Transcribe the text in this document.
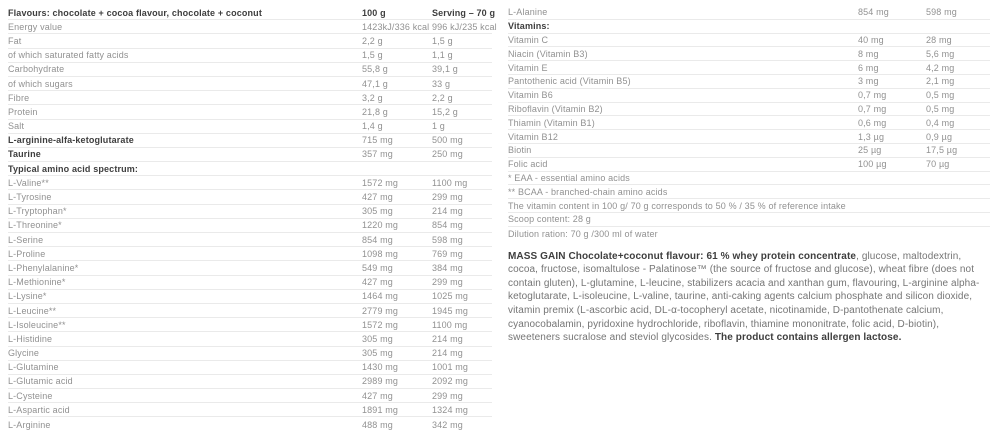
Flavours: chocolate + cocoa flavour, chocolate + coconut	100 g	Serving – 70 g
Energy value	1423kJ/336 kcal 996 kJ/235 kcal
Fat	2,2 g	1,5 g
of which saturated fatty acids	1,5 g	1,1 g
Carbohydrate	55,8 g	39,1 g
of which sugars	47,1 g	33 g
Fibre	3,2 g	2,2 g
Protein	21,8 g	15,2 g
Salt	1,4 g	1 g
L-arginine-alfa-ketoglutarate	715 mg	500 mg
Taurine	357 mg	250 mg
Typical amino acid spectrum:
L-Valine**	1572 mg	1100 mg
L-Tyrosine	427 mg	299 mg
L-Tryptophan*	305 mg	214 mg
L-Threonine*	1220 mg	854 mg
L-Serine	854 mg	598 mg
L-Proline	1098 mg	769 mg
L-Phenylalanine*	549 mg	384 mg
L-Methionine*	427 mg	299 mg
L-Lysine*	1464 mg	1025 mg
L-Leucine**	2779 mg	1945 mg
L-Isoleucine**	1572 mg	1100 mg
L-Histidine	305 mg	214 mg
Glycine	305 mg	214 mg
L-Glutamine	1430 mg	1001 mg
L-Glutamic acid	2989 mg	2092 mg
L-Cysteine	427 mg	299 mg
L-Aspartic acid	1891 mg	1324 mg
L-Arginine	488 mg	342 mg
L-Alanine	854 mg	598 mg
Vitamins:
Vitamin C	40 mg	28 mg
Niacin (Vitamin B3)	8 mg	5,6 mg
Vitamin E	6 mg	4,2 mg
Pantothenic acid (Vitamin B5)	3 mg	2,1 mg
Vitamin B6	0,7 mg	0,5 mg
Riboflavin (Vitamin B2)	0,7 mg	0,5 mg
Thiamin (Vitamin B1)	0,6 mg	0,4 mg
Vitamin B12	1,3 µg	0,9 µg
Biotin	25 µg	17,5 µg
Folic acid	100 µg	70 µg
* EAA - essential amino acids
** BCAA - branched-chain amino acids
The vitamin content in 100 g/ 70 g corresponds to 50 % / 35 % of reference intake
Scoop content: 28 g
Dilution ration: 70 g /300 ml of water

MASS GAIN Chocolate+coconut flavour: 61 % whey protein concentrate, glucose, maltodextrin, cocoa, fructose, isomaltulose - Palatinose™ (the source of fructose and glucose), wheat fibre (does not contain gluten), L-glutamine, L-leucine, stabilizers acacia and xanthan gum, flavouring, L-arginine alpha-ketoglutarate, L-isoleucine, L-valine, taurine, anti-caking agents calcium phosphate and silicon dioxide, vitamin premix (L-ascorbic acid, DL-α-tocopheryl acetate, nicotinamide, D-pantothenate calcium, cyanocobalamin, pyridoxine hydrochloride, riboflavin, thiamine mononitrate, folic acid, D-biotin), sweeteners sucralose and steviol glycosides. The product contains allergen lactose.
